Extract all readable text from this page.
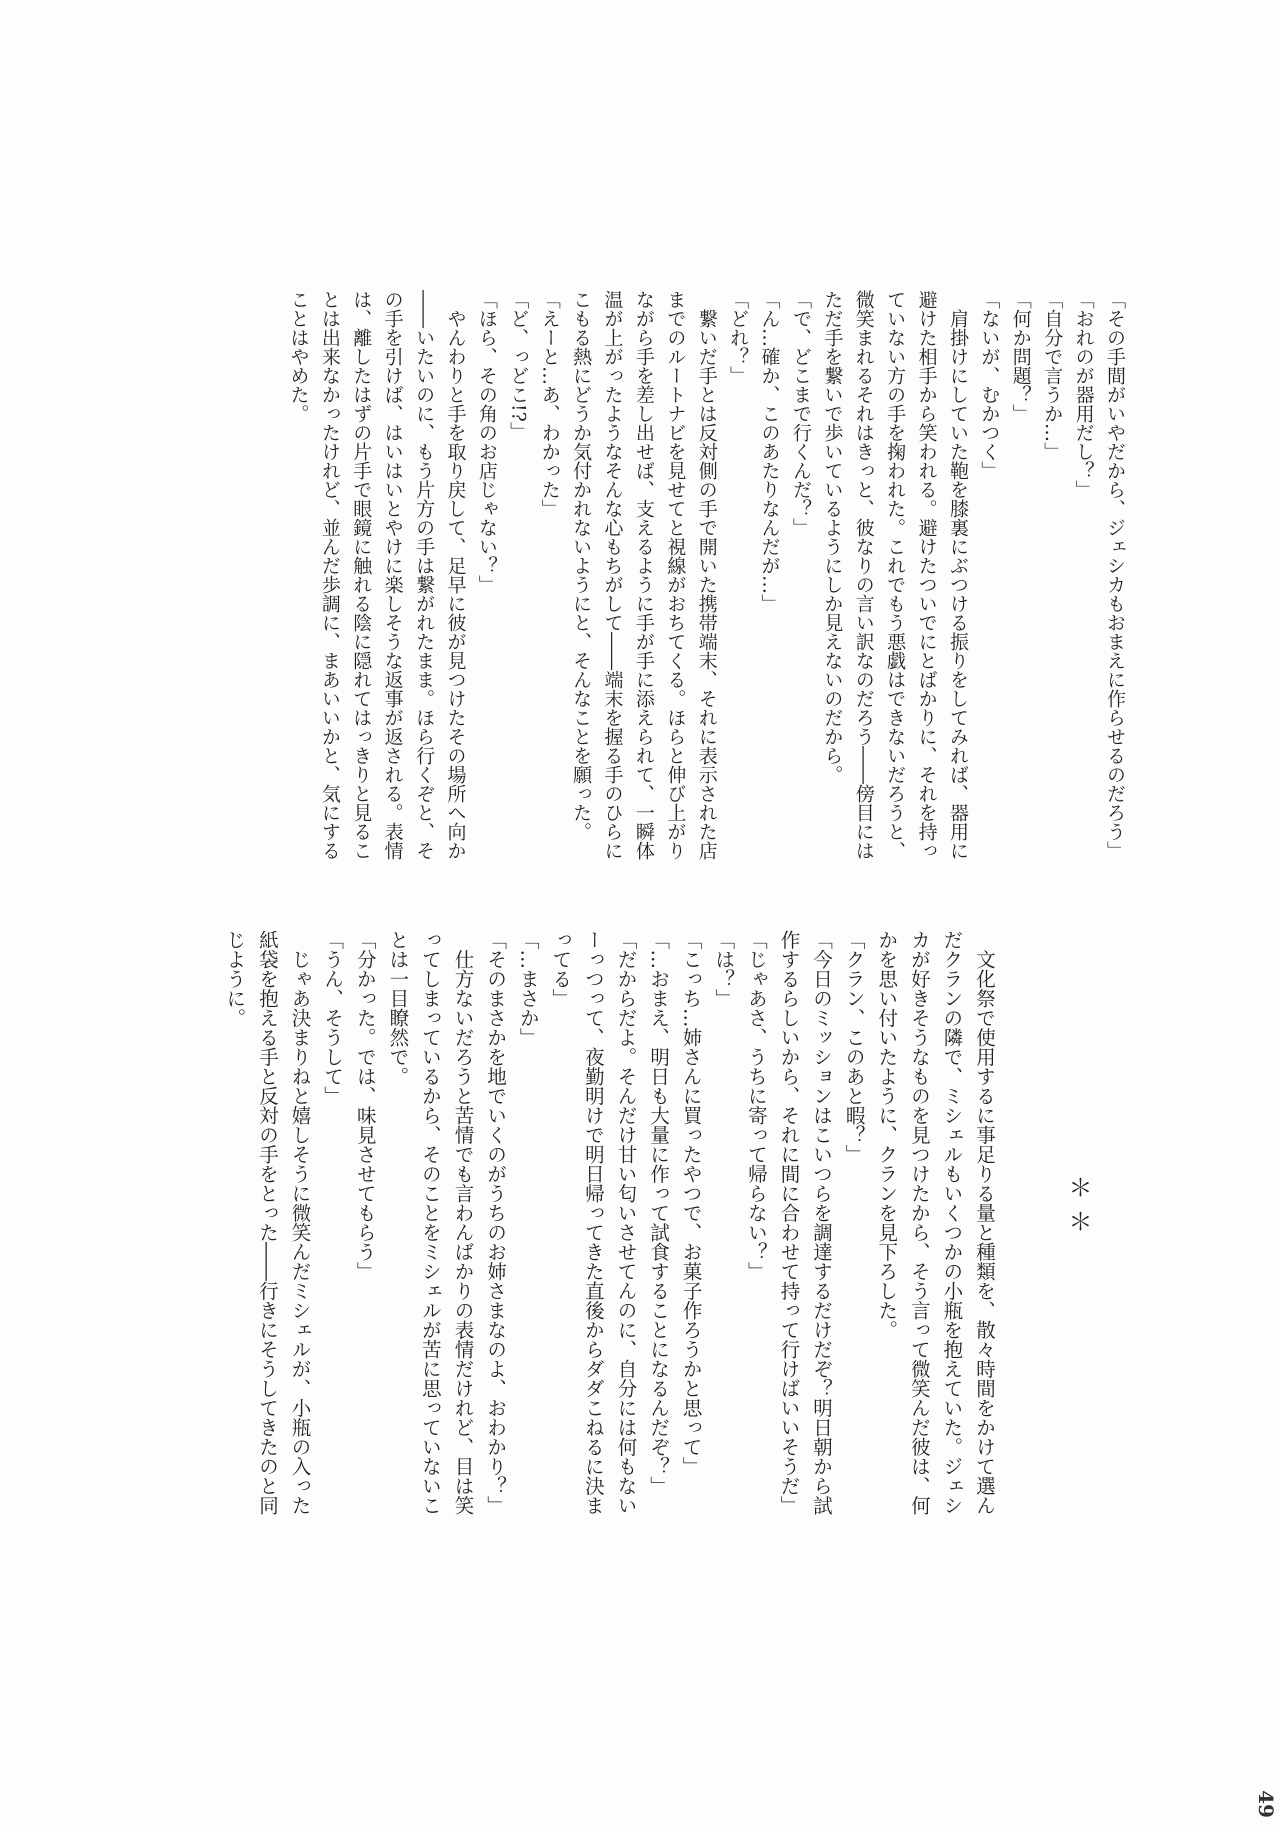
「その手間がいやだから、ジェシカもおまえに作らせるのだろう」
「おれのが器用だし？」
「自分で言うか…」
「何か問題？」
「ないが、むかつく」
　肩掛けにしていた鞄を膝裏にぶつける振りをしてみれば、器用に
避けた相手から笑われる。避けたついでにとばかりに、それを持っ
ていない方の手を掬われた。これでもう悪戯はできないだろうと、
微笑まれるそれはきっと、彼なりの言い訳なのだろう――傍目には
ただ手を繋いで歩いているようにしか見えないのだから。
「で、どこまで行くんだ？」
「ん…確か、このあたりなんだが…」
「どれ？」
　繋いだ手とは反対側の手で開いた携帯端末、それに表示された店
までのルートナビを見せてと視線がおちてくる。ほらと伸び上がり
ながら手を差し出せば、支えるように手が手に添えられて、一瞬体
温が上がったようなそんな心もちがして――端末を握る手のひらに
こもる熱にどうか気付かれないようにと、そんなことを願った。
「えーと…あ、わかった」
「ど、っどこ!?」
「ほら、その角のお店じゃない？」
　やんわりと手を取り戻して、足早に彼が見つけたその場所へ向か
――いたいのに、もう片方の手は繋がれたまま。ほら行くぞと、そ
の手を引けば、はいはいとやけに楽しそうな返事が返される。表情
は、離したはずの片手で眼鏡に触れる陰に隠れてはっきりと見るこ
とは出来なかったけれど、並んだ歩調に、まあいいかと、気にする
ことはやめた。
＊＊
　文化祭で使用するに事足りる量と種類を、散々時間をかけて選ん
だクランの隣で、ミシェルもいくつかの小瓶を抱えていた。ジェシ
カが好きそうなものを見つけたから、そう言って微笑んだ彼は、何
かを思い付いたように、クランを見下ろした。
「クラン、このあと暇？」
「今日のミッションはこいつらを調達するだけだぞ？明日朝から試
作するらしいから、それに間に合わせて持って行けばいいそうだ」
「じゃあさ、うちに寄って帰らない？」
「は？」
「こっち…姉さんに買ったやつで、お菓子作ろうかと思って」
「…おまえ、明日も大量に作って試食することになるんだぞ？」
「だからだよ。そんだけ甘い匂いさせてんのに、自分には何もない
ーっつって、夜勤明けで明日帰ってきた直後からダダこねるに決ま
ってる」
「…まさか」
「そのまさかを地でいくのがうちのお姉さまなのよ、おわかり？」
　仕方ないだろうと苦情でも言わんばかりの表情だけれど、目は笑
ってしまっているから、そのことをミシェルが苦に思っていないこ
とは一目瞭然で。
「分かった。では、味見させてもらう」
「うん、そうして」
　じゃあ決まりねと嬉しそうに微笑んだミシェルが、小瓶の入った
紙袋を抱える手と反対の手をとった――行きにそうしてきたのと同
じように。
49
